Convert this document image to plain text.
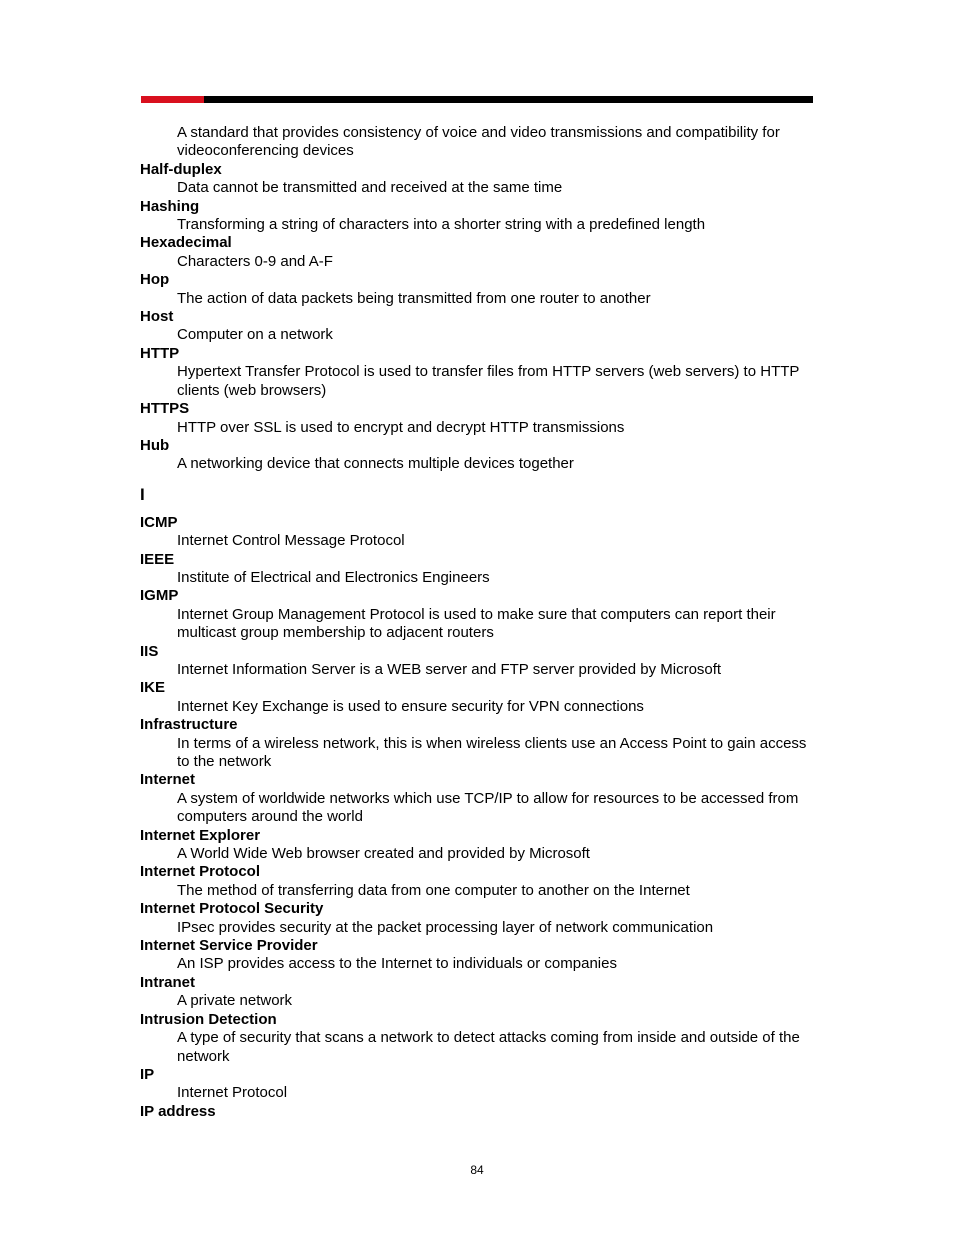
A standard that provides consistency of voice and video transmissions and compatibility for videoconferencing devices

Half-duplex

Data cannot be transmitted and received at the same time

Hashing

Transforming a string of characters into a shorter string with a predefined length

Hexadecimal

Characters 0-9 and A-F

Hop

The action of data packets being transmitted from one router to another

Host

Computer on a network

HTTP

Hypertext Transfer Protocol is used to transfer files from HTTP servers (web servers) to HTTP clients (web browsers)

HTTPS

HTTP over SSL is used to encrypt and decrypt HTTP transmissions

Hub

A networking device that connects multiple devices together

I

ICMP

Internet Control Message Protocol

IEEE

Institute of Electrical and Electronics Engineers

IGMP

Internet Group Management Protocol is used to make sure that computers can report their multicast group membership to adjacent routers

IIS

Internet Information Server is a WEB server and FTP server provided by Microsoft

IKE

Internet Key Exchange is used to ensure security for VPN connections

Infrastructure

In terms of a wireless network, this is when wireless clients use an Access Point to gain access to the network

Internet

A system of worldwide networks which use TCP/IP to allow for resources to be accessed from computers around the world

Internet Explorer

A World Wide Web browser created and provided by Microsoft

Internet Protocol

The method of transferring data from one computer to another on the Internet

Internet Protocol Security

IPsec provides security at the packet processing layer of network communication

Internet Service Provider

An ISP provides access to the Internet to individuals or companies

Intranet

A private network

Intrusion Detection

A type of security that scans a network to detect attacks coming from inside and outside of the network

IP

Internet Protocol

IP address

84
